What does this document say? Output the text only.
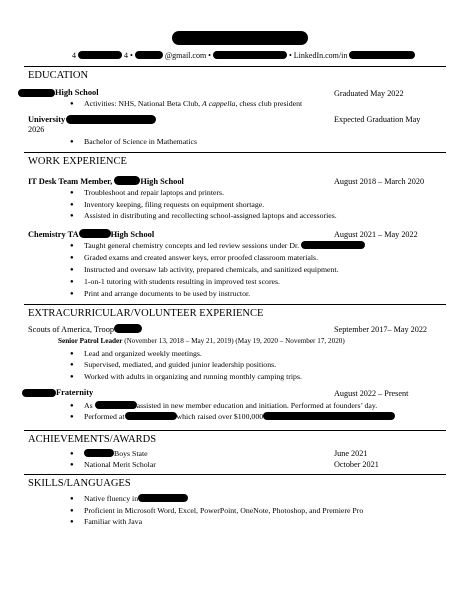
4	4 •	@gmail.com •	• LinkedIn.com/in
EDUCATION
High School	Graduated May 2022
● Activities: NHS, National Beta Club, A cappella, chess club president
University	Expected Graduation May
2026
● Bachelor of Science in Mathematics
WORK EXPERIENCE
IT Desk Team Member,	High School	August 2018 – March 2020
● Troubleshoot and repair laptops and printers.
● Inventory keeping, filing requests on equipment shortage.
● Assisted in distributing and recollecting school-assigned laptops and accessories.
Chemistry TA	High School	August 2021 – May 2022
● Taught general chemistry concepts and led review sessions under Dr.
● Graded exams and created answer keys, error proofed classroom materials.
● Instructed and oversaw lab activity, prepared chemicals, and sanitized equipment.
● 1-on-1 tutoring with students resulting in improved test scores.
● Print and arrange documents to be used by instructor.
EXTRACURRICULAR/VOLUNTEER EXPERIENCE
Scouts of America, Troop	September 2017– May 2022
Senior Patrol Leader (November 13, 2018 – May 21, 2019) (May 19, 2020 – November 17, 2020)
● Lead and organized weekly meetings.
● Supervised, mediated, and guided junior leadership positions.
● Worked with adults in organizing and running monthly camping trips.
Fraternity	August 2022 – Present
● As	assisted in new member education and initiation. Performed at founders’ day.
● Performed at	which raised over $100,000
ACHIEVEMENTS/AWARDS
● Boys State	June 2021
● National Merit Scholar	October 2021
SKILLS/LANGUAGES
● Native fluency in
● Proficient in Microsoft Word, Excel, PowerPoint, OneNote, Photoshop, and Premiere Pro
● Familiar with Java
